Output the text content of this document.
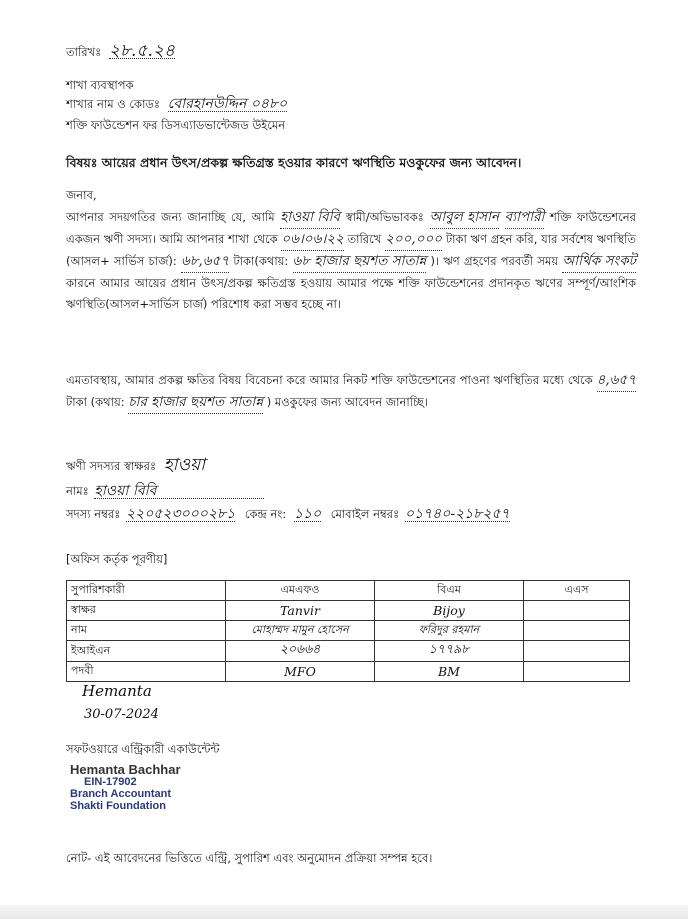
তারিখঃ ২৮.৫.২৪
শাখা ব্যবস্থাপক
শাখার নাম ও কোডঃ বোরহানউদ্দিন ০৪৮০
শক্তি ফাউন্ডেশন ফর ডিসএ্যাডভান্টেজড উইমেন
বিষয়ঃ আয়ের প্রধান উৎস/প্রকল্প ক্ষতিগ্রস্ত হওয়ার কারণে ঋণস্থিতি মওকুফের জন্য আবেদন।
জনাব,
আপনার সদয়গতির জন্য জানাচ্ছি যে, আমি হাওয়া বিবি স্বামী/অভিভাবকঃ আবুল হাসান ব্যাপারী শক্তি ফাউন্ডেশনের একজন ঋণী সদস্য। আমি আপনার শাখা থেকে ০৬।০৬।২২ তারিখে ২০০,০০০ টাকা ঋণ গ্রহন করি, যার সর্বশেষ ঋণস্থিতি (আসল+ সার্ভিস চার্জ): ৬৮,৬৫৭ টাকা(কথায়: ৬৮ হাজার ছয়শত সাতান্ন )। ঋণ গ্রহণের পরবর্তী সময় আর্থিক সংকট কারনে আমার আয়ের প্রধান উৎস/প্রকল্প ক্ষতিগ্রস্ত হওয়ায় আমার পক্ষে শক্তি ফাউন্ডেশনের প্রদানকৃত ঋণের সম্পূর্ণ/আংশিক ঋণস্থিতি(আসল+সার্ভিস চার্জ) পরিশোধ করা সম্ভব হচ্ছে না।
এমতাবস্থায়, আমার প্রকল্প ক্ষতির বিষয় বিবেচনা করে আমার নিকট শক্তি ফাউন্ডেশনের পাওনা ঋণস্থিতির মধ্যে থেকে ৪,৬৫৭ টাকা (কথায়: চার হাজার ছয়শত সাতান্ন ) মওকুফের জন্য আবেদন জানাচ্ছি।
ঋণী সদস্যর স্বাক্ষরঃ হাওয়া
নামঃ হাওয়া বিবি
সদস্য নম্বরঃ ২২০৫২৩০০০২৮১ কেন্দ্র নং: ১১০ মোবাইল নম্বরঃ ০১৭৪০-২১৮২৫৭
[অফিস কর্তৃক পূরণীয়]
সুপারিশকারী	এমএফও	বিএম	এএস
স্বাক্ষর	Tanvir	Bijoy	
নাম	মোহাম্মদ মামুন হোসেন	ফরিদুর রহমান	
ইআইএন	২০৬৬৪	১৭৭৯৮	
পদবী	MFO	BM	
Hemanta
30-07-2024
সফটওয়ারে এন্ট্রিকারী একাউন্টেন্ট
Hemanta Bachhar
EIN-17902
Branch Accountant
Shakti Foundation
নোট- এই আবেদনের ভিত্তিতে এন্ট্রি, সুপারিশ এবং অনুমোদন প্রক্রিয়া সম্পন্ন হবে।
